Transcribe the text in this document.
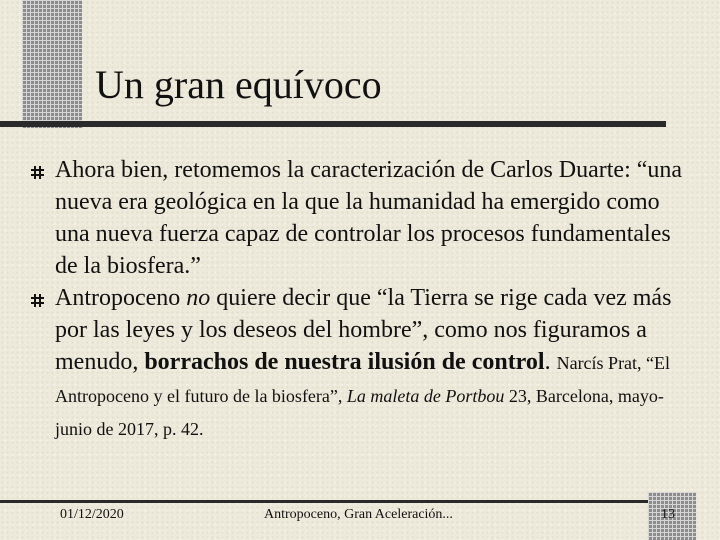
Un gran equívoco

Ahora bien, retomemos la caracterización de Carlos Duarte: “una nueva era geológica en la que la humanidad ha emergido como una nueva fuerza capaz de controlar los procesos fundamentales de la biosfera.”

Antropoceno no quiere decir que “la Tierra se rige cada vez más por las leyes y los deseos del hombre”, como nos figuramos a menudo, borrachos de nuestra ilusión de control. Narcís Prat, “El Antropoceno y el futuro de la biosfera”, La maleta de Portbou 23, Barcelona, mayo-junio de 2017, p. 42.

01/12/2020	Antropoceno, Gran Aceleración...	13
